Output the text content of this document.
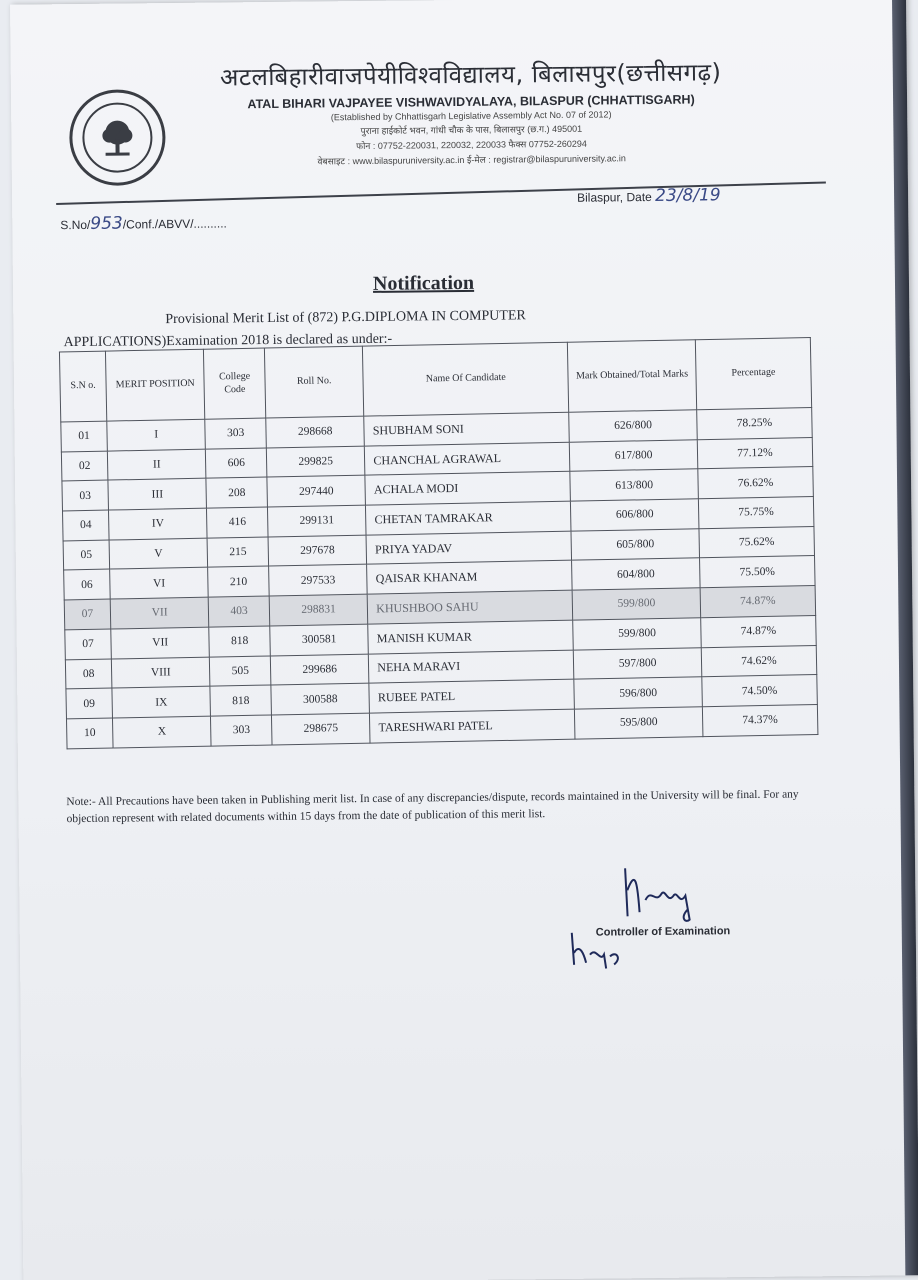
अटलबिहारीवाजपेयीविश्वविद्यालय, बिलासपुर(छत्तीसगढ़)
ATAL BIHARI VAJPAYEE VISHWAVIDYALAYA, BILASPUR (CHHATTISGARH)
(Established by Chhattisgarh Legislative Assembly Act No. 07 of 2012)
पुराना हाईकोर्ट भवन, गांधी चौक के पास, बिलासपुर (छ.ग.) 495001
फोन : 07752-220031, 220032, 220033 फैक्स 07752-260294
वेबसाइट : www.bilaspuruniversity.ac.in ई-मेल : registrar@bilaspuruniversity.ac.in
S.No/953/Conf./ABVV/..........
Bilaspur, Date 23/8/19
Notification
Provisional Merit List of (872) P.G.DIPLOMA IN COMPUTER
APPLICATIONS)Examination 2018 is declared as under:-
S.N o.	MERIT POSITION	College Code	Roll No.	Name Of Candidate	Mark Obtained/Total Marks	Percentage
01	I	303	298668	SHUBHAM SONI	626/800	78.25%
02	II	606	299825	CHANCHAL AGRAWAL	617/800	77.12%
03	III	208	297440	ACHALA MODI	613/800	76.62%
04	IV	416	299131	CHETAN TAMRAKAR	606/800	75.75%
05	V	215	297678	PRIYA YADAV	605/800	75.62%
06	VI	210	297533	QAISAR KHANAM	604/800	75.50%
07	VII	403	298831	KHUSHBOO SAHU	599/800	74.87%
07	VII	818	300581	MANISH KUMAR	599/800	74.87%
08	VIII	505	299686	NEHA MARAVI	597/800	74.62%
09	IX	818	300588	RUBEE PATEL	596/800	74.50%
10	X	303	298675	TARESHWARI PATEL	595/800	74.37%
Note:- All Precautions have been taken in Publishing merit list. In case of any discrepancies/dispute, records maintained in the University will be final. For any objection represent with related documents within 15 days from the date of publication of this merit list.
Controller of Examination
